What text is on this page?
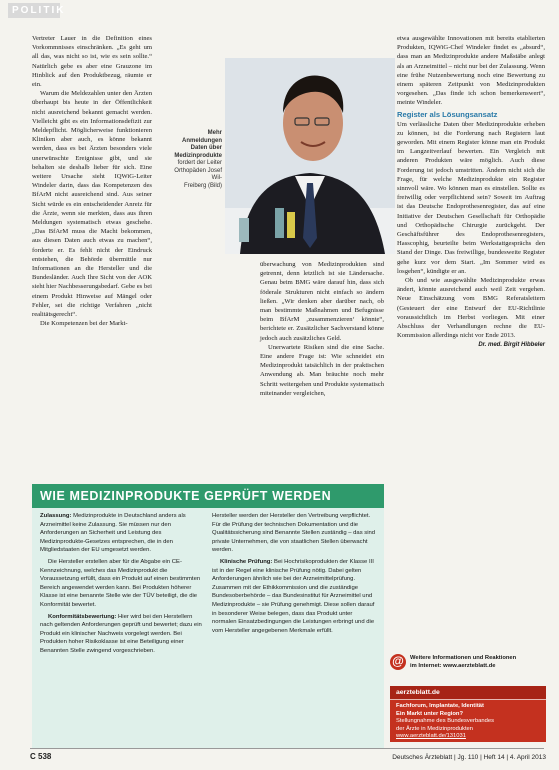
POLITIK

Vertreter Lauer in die Definition eines Vorkommnisses einschränken. „Es geht um all das, was nicht so ist, wie es sein sollte.“ Natürlich gebe es aber eine Grauzone im Hinblick auf den Produktbezug, räumte er ein.

Warum die Meldezahlen unter den Ärzten überhaupt bis heute in der Öffentlichkeit nicht ausreichend bekannt gemacht werden. Vielleicht gibt es ein Informationsdefizit zur Meldepflicht. Möglicherweise funktionieren Kliniken aber auch, es könne bekannt werden, dass es bei Ärzten besonders viele unerwünschte Ereignisse gibt, und sie behalten sie deshalb lieber für sich. Eine weitere Ursache sieht IQWiG-Leiter Windeler darin, dass das Kompetenzen des BfArM nicht ausreichend sind. Aus seiner Sicht würde es ein entscheidender Anreiz für die Ärzte, wenn sie merkten, dass aus ihren Meldungen systematisch etwas geschehe. „Das BfArM muss die Macht bekommen, aus diesen Daten auch etwas zu machen“, forderte er. Es fehlt nicht der Eindruck entstehen, die Behörde übermittle nur Informationen an die Hersteller und die Bundesländer. Auch Ihre Sicht von der AOK sieht hier Nachbesserungsbedarf. Gebe es bei einem Produkt Hinweise auf Mängel oder Fehler, sei die richtige Verfahren „nicht realitätsgerecht“.

Die Kompetenzen bei der Markt-

Mehr Anmeldungen
Daten über
Medizinprodukte
fordert der Leiter
Orthopäden Josef Wil-
Freiberg (Bild)

überwachung von Medizinprodukten sind getrennt, denn letztlich ist sie Ländersache. Genau beim BMG wäre darauf hin, dass sich föderale Strukturen nicht einfach so ändern ließen. „Wir denken aber darüber nach, ob man bestimmte Maßnahmen und Befugnisse beim BfArM ‚zusammenzieren‘ könnte“, berichtete er. Zusätzlicher Sachverstand könne jedoch auch zusätzliches Geld.

Unerwartete Risiken sind die eine Sache. Eine andere Frage ist: Wie schneidet ein Medizinprodukt tatsächlich in der praktischen Anwendung ab. Man bräuchte noch mehr Schritt weitergehen und Produkte systematisch miteinander vergleichen,

etwa ausgewählte Innovationen mit bereits etablierten Produkten, IQWiG-Chef Windeler findet es „absurd“, dass man an Medizinprodukte andere Maßstäbe anlegt als an Arzneimittel – nicht nur bei der Zulassung. Wenn eine frühe Nutzenbewertung noch eine Bewertung zu einem späteren Zeitpunkt von Medizinprodukten vorgesehen. „Das finde ich schon bemerkenswert“, meinte Windeler.

Register als Lösungsansatz

Um verlässliche Daten über Medizinprodukte erheben zu können, ist die Forderung nach Registern laut geworden. Mit einem Register könne man ein Produkt im Langzeitverlauf bewerten. Ein Vergleich mit anderen Produkten wäre möglich. Auch diese Forderung ist jedoch umstritten. Ändern nicht sich die Frage, für welche Medizinprodukte ein Register sinnvoll wäre. Wo können man es einstellen. Sollte es freiwillig oder verpflichtend sein? Soweit im Auftrag ist das Deutsche Endoprothesenregister, das auf eine Initiative der Deutschen Gesellschaft für Orthopädie und Orthopädische Chirurgie zurückgeht. Der Geschäftsführer des Endoprothesenregisters, Hasscophig, beurteilte beim Werkstattgesprächs den Stand der Dinge. Das freiwillige, bundesweite Register gehe kurz vor dem Start. „Im Sommer wird es losgehen“, kündigte er an.

Ob und wie ausgewählte Medizinprodukte erwas ändert, könnte ausreichend auch weil Zeit vergehen. Neue Einschätzung vom BMG Referatsleitern (Gesteuert der eine Entwurf der EU-Richtlinie voraussichtlich im Herbst vorliegen. Mit einer Abschluss der Verhandlungen rechne die EU-Kommission allerdings nicht vor Ende 2013.

Dr. med. Birgit Hibbeler
WIE MEDIZINPRODUKTE GEPRÜFT WERDEN

Zulassung: Medizinprodukte in Deutschland anders als Arzneimittel keine Zulassung. Sie müssen nur den Anforderungen an Sicherheit und Leistung des Medizinprodukte-Gesetzes entsprechen, die in den Mitgliedstaaten der EU umgesetzt werden.

Die Hersteller erstellen aber für die Abgabe ein CE-Kennzeichnung, welches das Medizinprodukt die Voraussetzung erfüllt, dass ein Produkt auf einen bestimmten Bereich angewendet werden kann. Bei Produkten höherer Klasse ist eine benannte Stelle wie der TÜV beteiligt, die die Konformität bewertet.

Konformitätsbewertung: Hier wird bei den Herstellern nach geltenden Anforderungen geprüft und bewertet; dazu ein Produkt ein klinischer Nachweis vorgelegt werden. Bei Produkten hoher Risikoklasse ist eine Beteiligung einer Benannten Stelle zwingend vorgeschrieben.

Hersteller werden der Hersteller den Vertreibung verpflichtet. Für die Prüfung der technischen Dokumentation und die Qualitätssicherung sind Benannte Stellen zuständig – das sind private Unternehmen, die von staatlichen Stellen überwacht werden.

Klinische Prüfung: Bei Hochrisikoprodukten der Klasse III ist in der Regel eine klinische Prüfung nötig. Dabei gelten Anforderungen ähnlich wie bei der Arzneimittelprüfung. Zusammen mit der Ethikkommission und die zuständige Bundesoberbehörde – das Bundesinstitut für Arzneimittel und Medizinprodukte – sie Prüfung genehmigt. Diese sollen darauf in besonderer Weise belegen, dass das Produkt unter normalen Einsatzbedingungen die Leistungen erbringt und die vom Hersteller angegebenen Merkmale erfüllt.

@	Weitere Informationen und Reaktionen
im Internet: www.aerzteblatt.de
aerzteblatt.de
Fachforum, Implantate, Identität
Ein Markt unter Region?
Stellungnahme des Bundesverbandes
der Ärzte in Medizinprodukten
www.aerzteblatt.de/131031
C 538	Deutsches Ärzteblatt | Jg. 110 | Heft 14 | 4. April 2013
